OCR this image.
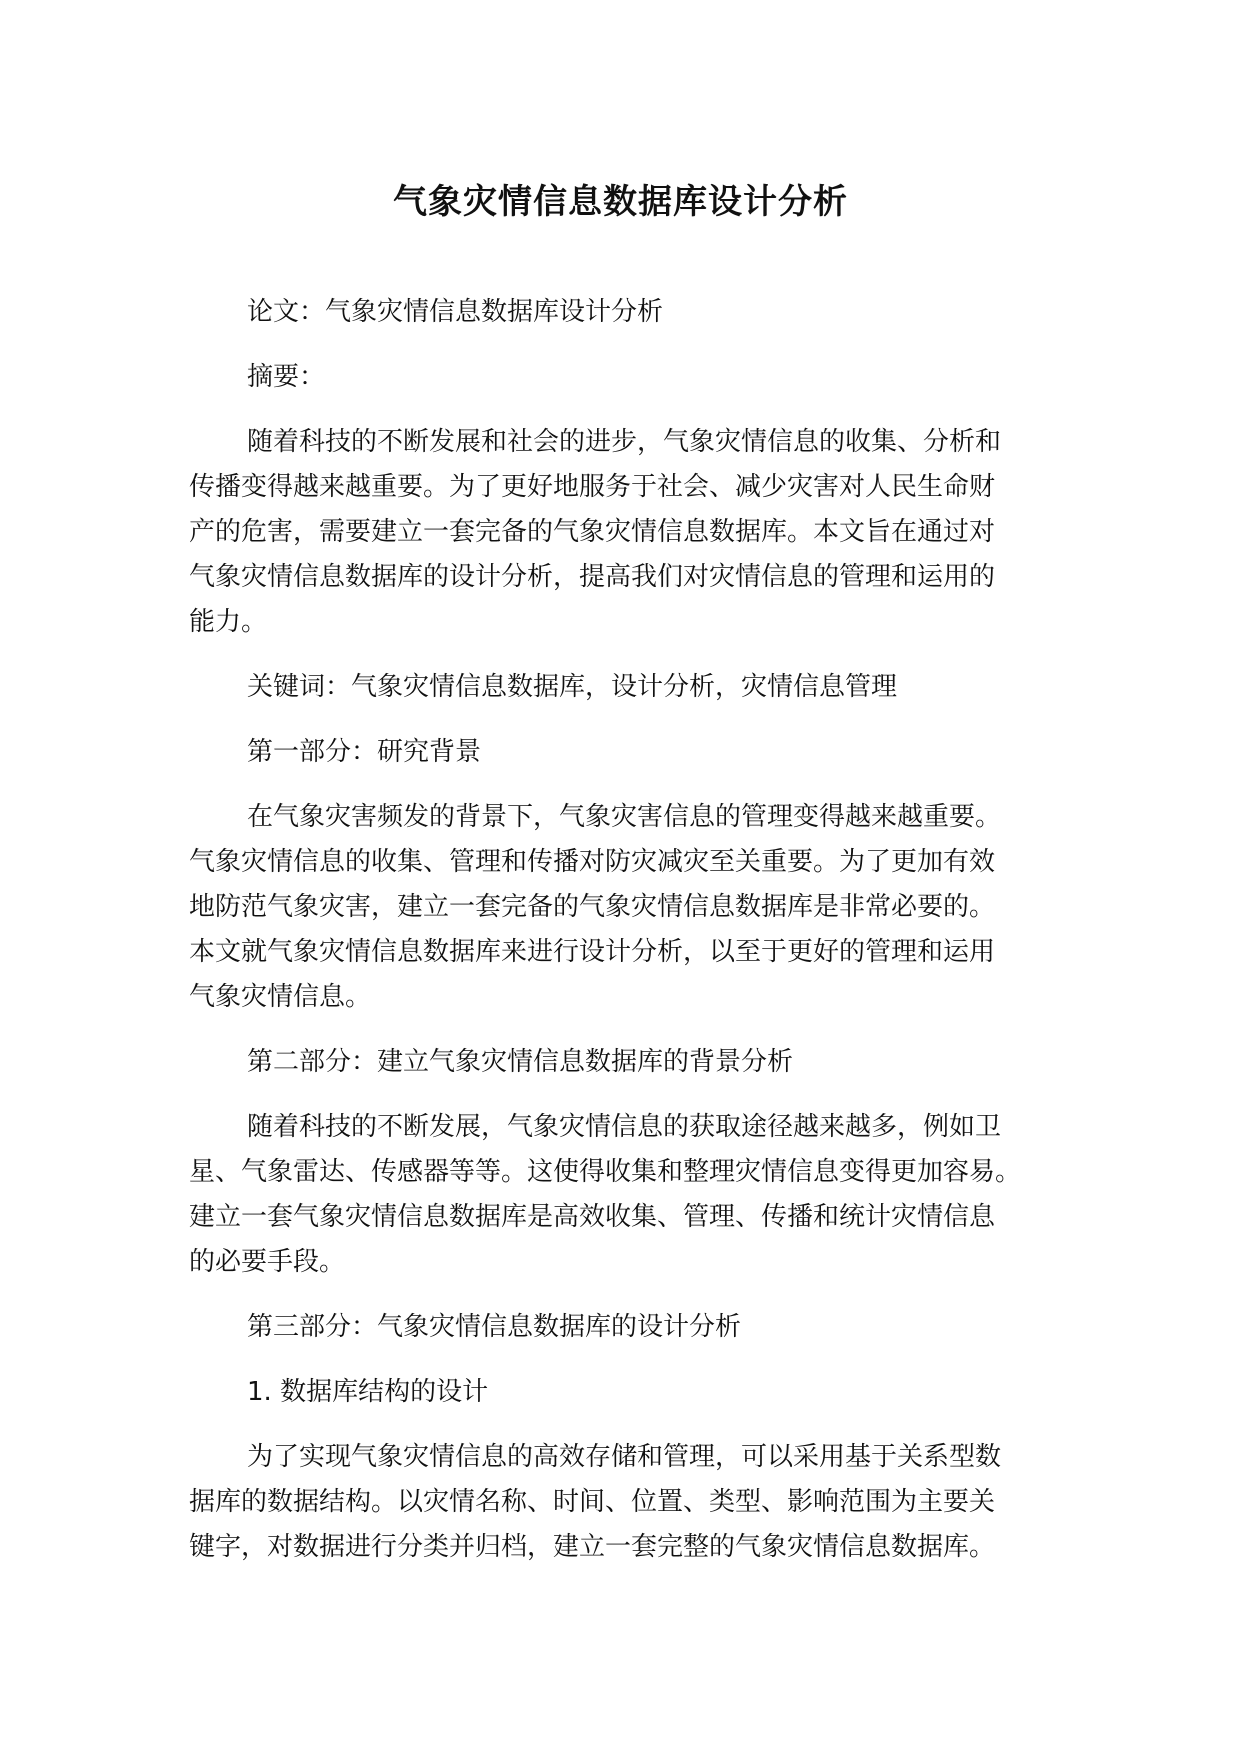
气象灾情信息数据库设计分析
论文：气象灾情信息数据库设计分析
摘要：
随着科技的不断发展和社会的进步，气象灾情信息的收集、分析和
传播变得越来越重要。为了更好地服务于社会、减少灾害对人民生命财
产的危害，需要建立一套完备的气象灾情信息数据库。本文旨在通过对
气象灾情信息数据库的设计分析，提高我们对灾情信息的管理和运用的
能力。
关键词：气象灾情信息数据库，设计分析，灾情信息管理
第一部分：研究背景
在气象灾害频发的背景下，气象灾害信息的管理变得越来越重要。
气象灾情信息的收集、管理和传播对防灾减灾至关重要。为了更加有效
地防范气象灾害，建立一套完备的气象灾情信息数据库是非常必要的。
本文就气象灾情信息数据库来进行设计分析，以至于更好的管理和运用
气象灾情信息。
第二部分：建立气象灾情信息数据库的背景分析
随着科技的不断发展，气象灾情信息的获取途径越来越多，例如卫
星、气象雷达、传感器等等。这使得收集和整理灾情信息变得更加容易。
建立一套气象灾情信息数据库是高效收集、管理、传播和统计灾情信息
的必要手段。
第三部分：气象灾情信息数据库的设计分析
1. 数据库结构的设计
为了实现气象灾情信息的高效存储和管理，可以采用基于关系型数
据库的数据结构。以灾情名称、时间、位置、类型、影响范围为主要关
键字，对数据进行分类并归档，建立一套完整的气象灾情信息数据库。
